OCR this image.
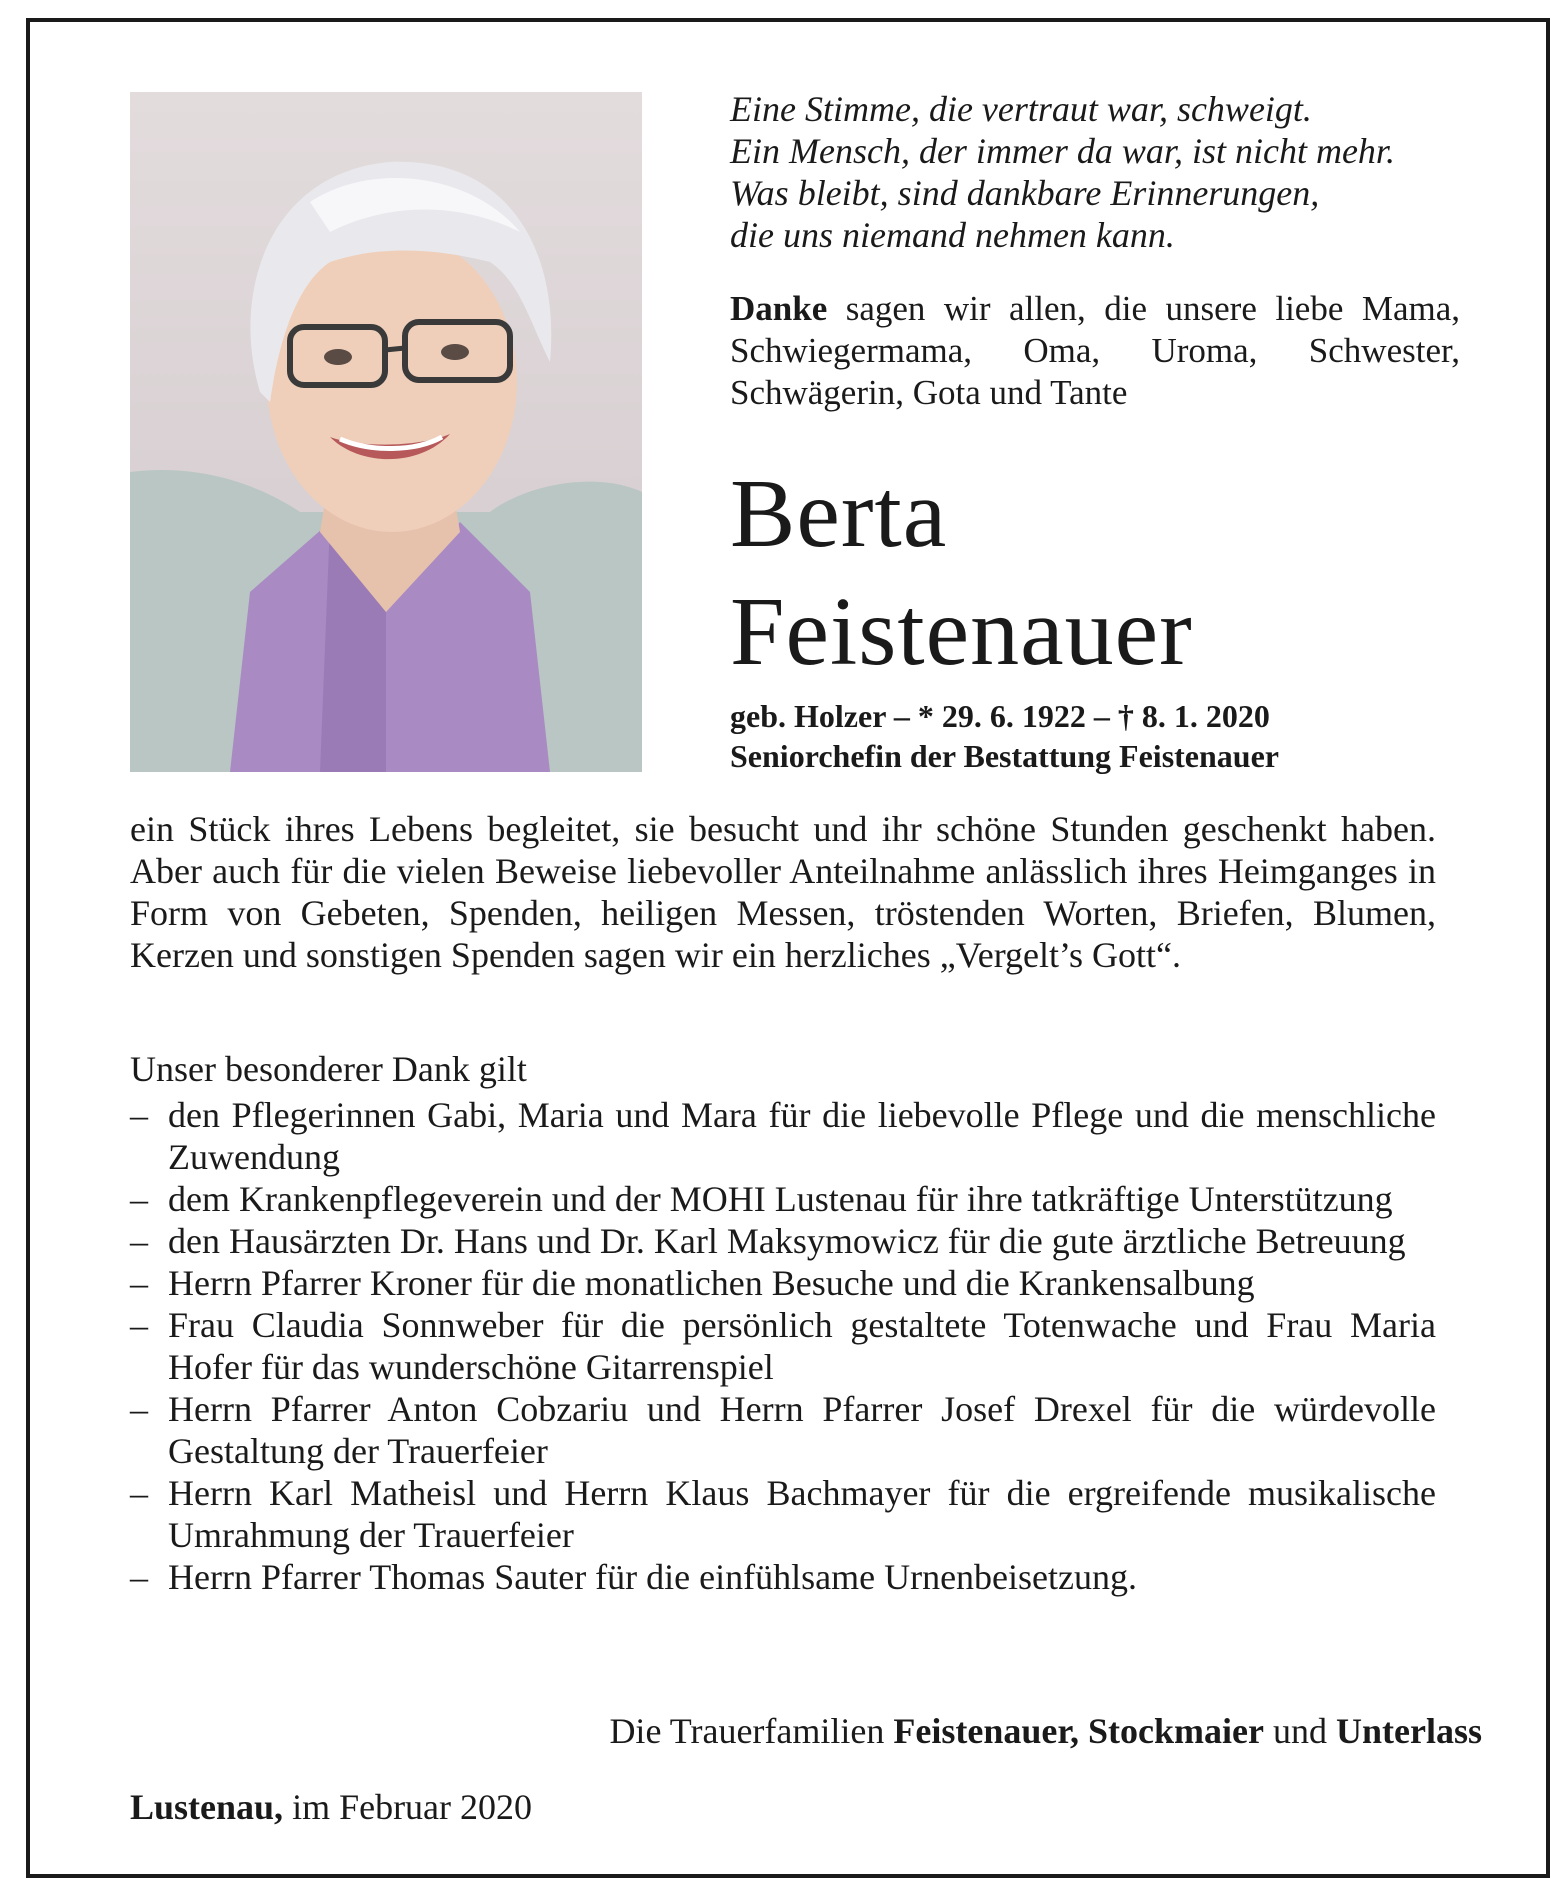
Eine Stimme, die vertraut war, schweigt.
Ein Mensch, der immer da war, ist nicht mehr.
Was bleibt, sind dankbare Erinnerungen,
die uns niemand nehmen kann.
Danke sagen wir allen, die unsere liebe Mama, Schwiegermama, Oma, Uroma, Schwester, Schwägerin, Gota und Tante
Berta
Feistenauer
geb. Holzer – * 29. 6. 1922 – † 8. 1. 2020
Seniorchefin der Bestattung Feistenauer

ein Stück ihres Lebens begleitet, sie besucht und ihr schöne Stunden geschenkt haben. Aber auch für die vielen Beweise liebevoller Anteilnahme anlässlich ihres Heimganges in Form von Gebeten, Spenden, heiligen Messen, tröstenden Worten, Briefen, Blumen, Kerzen und sonstigen Spenden sagen wir ein herzliches „Vergelt’s Gott“.

Unser besonderer Dank gilt
– den Pflegerinnen Gabi, Maria und Mara für die liebevolle Pflege und die menschliche Zuwendung
– dem Krankenpflegeverein und der MOHI Lustenau für ihre tatkräftige Unterstützung
– den Hausärzten Dr. Hans und Dr. Karl Maksymowicz für die gute ärztliche Betreuung
– Herrn Pfarrer Kroner für die monatlichen Besuche und die Krankensalbung
– Frau Claudia Sonnweber für die persönlich gestaltete Totenwache und Frau Maria Hofer für das wunderschöne Gitarrenspiel
– Herrn Pfarrer Anton Cobzariu und Herrn Pfarrer Josef Drexel für die würdevolle Gestaltung der Trauerfeier
– Herrn Karl Matheisl und Herrn Klaus Bachmayer für die ergreifende musikalische Umrahmung der Trauerfeier
– Herrn Pfarrer Thomas Sauter für die einfühlsame Urnenbeisetzung.
Die Trauerfamilien Feistenauer, Stockmaier und Unterlass
Lustenau, im Februar 2020
